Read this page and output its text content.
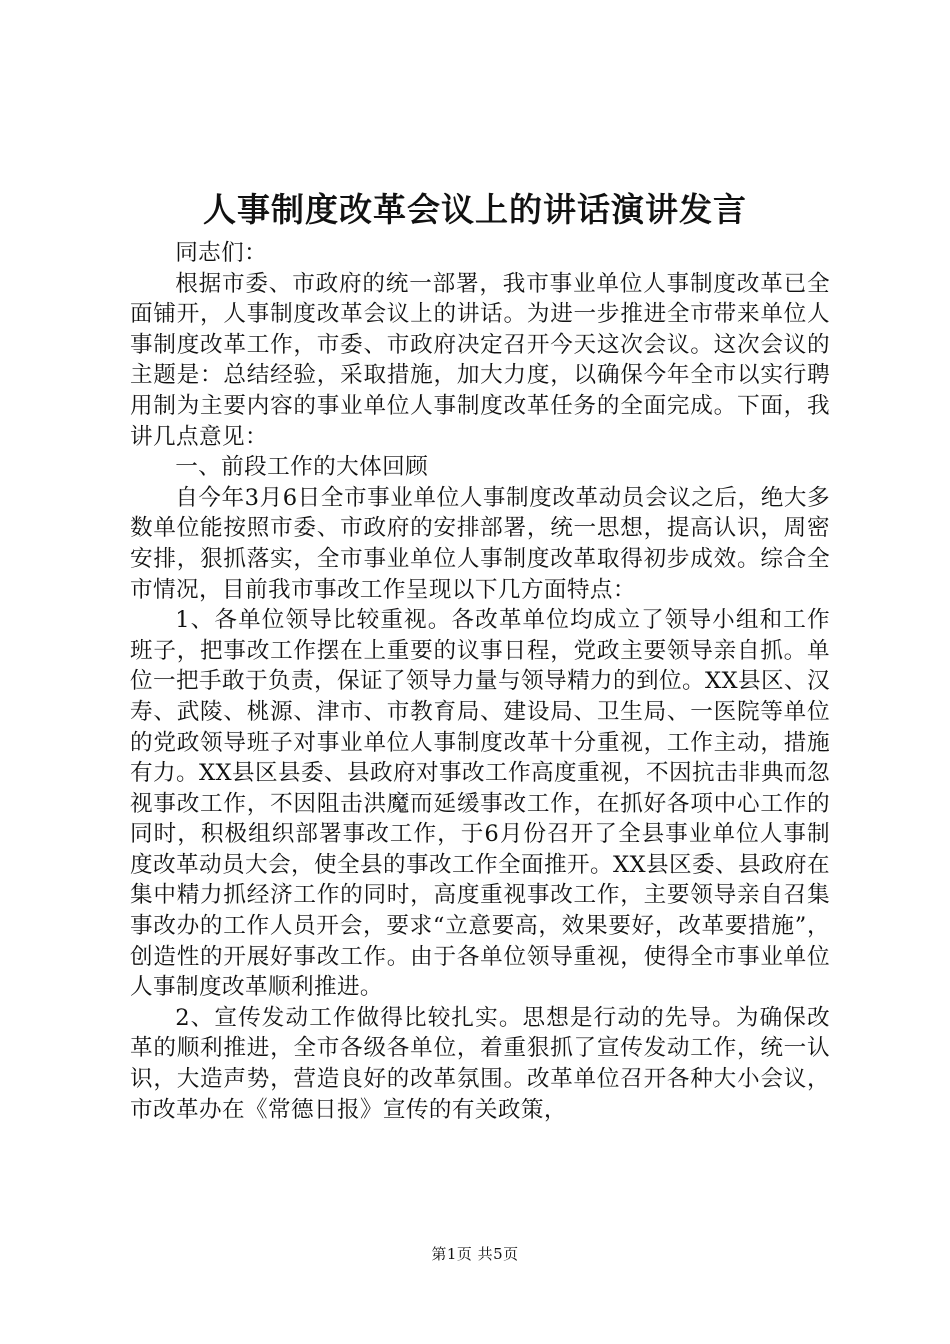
人事制度改革会议上的讲话演讲发言

同志们：

根据市委、市政府的统一部署，我市事业单位人事制度改革已全面铺开，人事制度改革会议上的讲话。为进一步推进全市带来单位人事制度改革工作，市委、市政府决定召开今天这次会议。这次会议的主题是：总结经验，采取措施，加大力度，以确保今年全市以实行聘用制为主要内容的事业单位人事制度改革任务的全面完成。下面，我讲几点意见：

一、前段工作的大体回顾

自今年3月6日全市事业单位人事制度改革动员会议之后，绝大多数单位能按照市委、市政府的安排部署，统一思想，提高认识，周密安排，狠抓落实，全市事业单位人事制度改革取得初步成效。综合全市情况，目前我市事改工作呈现以下几方面特点：

1、各单位领导比较重视。各改革单位均成立了领导小组和工作班子，把事改工作摆在上重要的议事日程，党政主要领导亲自抓。单位一把手敢于负责，保证了领导力量与领导精力的到位。XX县区、汉寿、武陵、桃源、津市、市教育局、建设局、卫生局、一医院等单位的党政领导班子对事业单位人事制度改革十分重视，工作主动，措施有力。XX县区县委、县政府对事改工作高度重视，不因抗击非典而忽视事改工作，不因阻击洪魔而延缓事改工作，在抓好各项中心工作的同时，积极组织部署事改工作，于6月份召开了全县事业单位人事制度改革动员大会，使全县的事改工作全面推开。XX县区委、县政府在集中精力抓经济工作的同时，高度重视事改工作，主要领导亲自召集事改办的工作人员开会，要求“立意要高，效果要好，改革要措施”，创造性的开展好事改工作。由于各单位领导重视，使得全市事业单位人事制度改革顺利推进。

2、宣传发动工作做得比较扎实。思想是行动的先导。为确保改革的顺利推进，全市各级各单位，着重狠抓了宣传发动工作，统一认识，大造声势，营造良好的改革氛围。改革单位召开各种大小会议，市改革办在《常德日报》宣传的有关政策，

第1页 共5页
